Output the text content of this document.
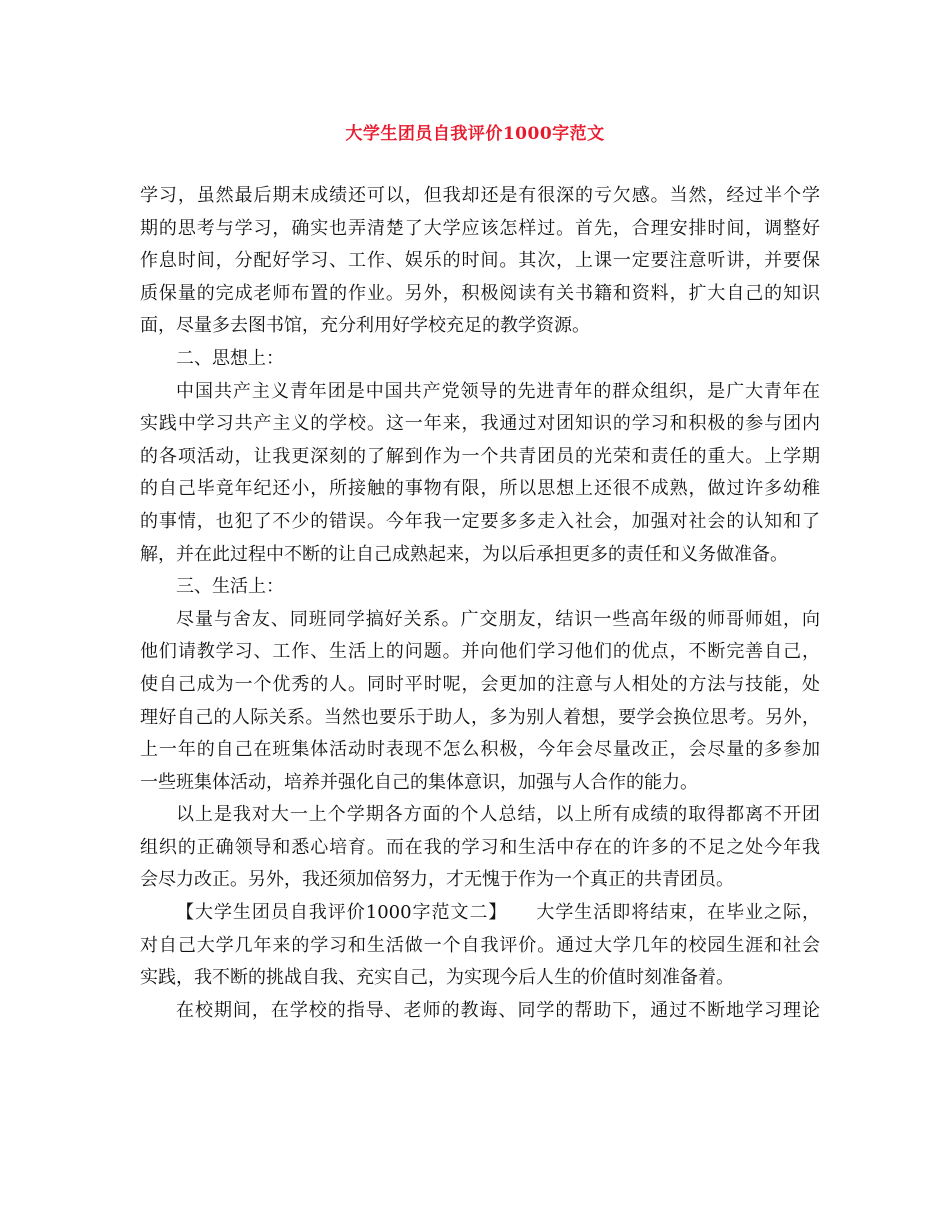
大学生团员自我评价1000字范文
学习，虽然最后期末成绩还可以，但我却还是有很深的亏欠感。当然，经过半个学
期的思考与学习，确实也弄清楚了大学应该怎样过。首先，合理安排时间，调整好
作息时间，分配好学习、工作、娱乐的时间。其次，上课一定要注意听讲，并要保
质保量的完成老师布置的作业。另外，积极阅读有关书籍和资料，扩大自己的知识
面，尽量多去图书馆，充分利用好学校充足的教学资源。
二、思想上：
中国共产主义青年团是中国共产党领导的先进青年的群众组织，是广大青年在
实践中学习共产主义的学校。这一年来，我通过对团知识的学习和积极的参与团内
的各项活动，让我更深刻的了解到作为一个共青团员的光荣和责任的重大。上学期
的自己毕竟年纪还小，所接触的事物有限，所以思想上还很不成熟，做过许多幼稚
的事情，也犯了不少的错误。今年我一定要多多走入社会，加强对社会的认知和了
解，并在此过程中不断的让自己成熟起来，为以后承担更多的责任和义务做准备。
三、生活上：
尽量与舍友、同班同学搞好关系。广交朋友，结识一些高年级的师哥师姐，向
他们请教学习、工作、生活上的问题。并向他们学习他们的优点，不断完善自己，
使自己成为一个优秀的人。同时平时呢，会更加的注意与人相处的方法与技能，处
理好自己的人际关系。当然也要乐于助人，多为别人着想，要学会换位思考。另外，
上一年的自己在班集体活动时表现不怎么积极，今年会尽量改正，会尽量的多参加
一些班集体活动，培养并强化自己的集体意识，加强与人合作的能力。
以上是我对大一上个学期各方面的个人总结，以上所有成绩的取得都离不开团
组织的正确领导和悉心培育。而在我的学习和生活中存在的许多的不足之处今年我
会尽力改正。另外，我还须加倍努力，才无愧于作为一个真正的共青团员。
【大学生团员自我评价1000字范文二】　　大学生活即将结束，在毕业之际，
对自己大学几年来的学习和生活做一个自我评价。通过大学几年的校园生涯和社会
实践，我不断的挑战自我、充实自己，为实现今后人生的价值时刻准备着。
在校期间，在学校的指导、老师的教诲、同学的帮助下，通过不断地学习理论
